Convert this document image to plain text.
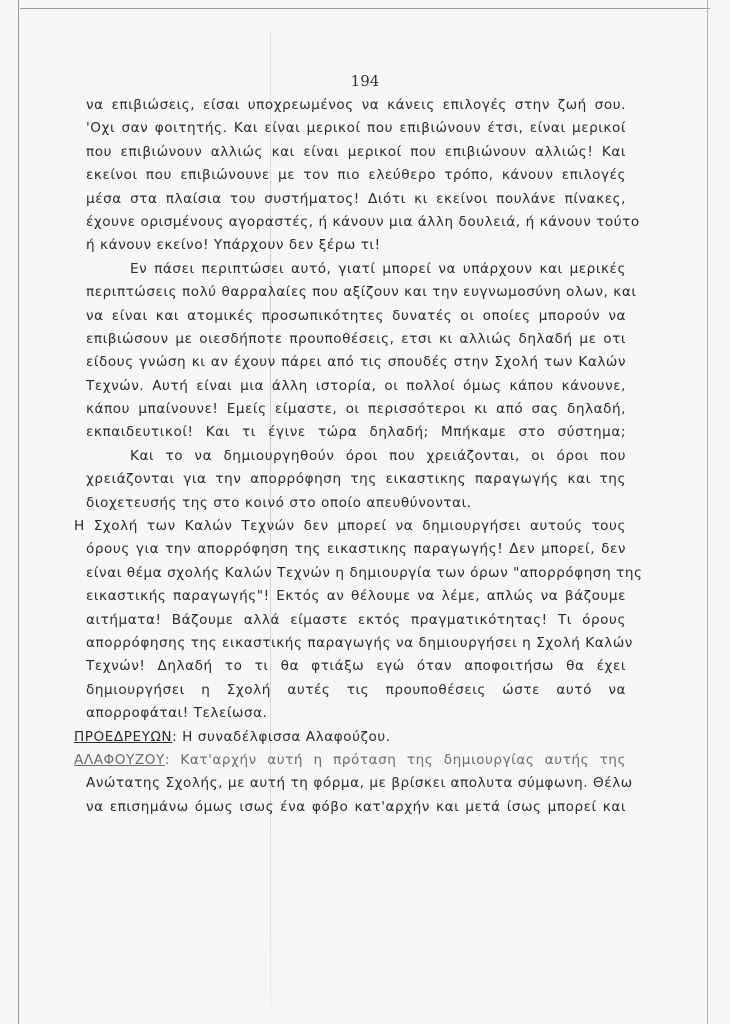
194
να επιβιώσεις, είσαι υποχρεωμένος να κάνεις επιλογές στην ζωή σου.
'Οχι σαν φοιτητής. Και είναι μερικοί που επιβιώνουν έτσι, είναι μερικοί
που επιβιώνουν αλλιώς και είναι μερικοί που επιβιώνουν αλλιώς! Και
εκείνοι που επιβιώνουνε με τον πιο ελεύθερο τρόπο, κάνουν επιλογές
μέσα στα πλαίσια του συστήματος! Διότι κι εκείνοι πουλάνε πίνακες,
έχουνε ορισμένους αγοραστές, ή κάνουν μια άλλη δουλειά, ή κάνουν τούτο
ή κάνουν εκείνο! Υπάρχουν δεν ξέρω τι!
Εν πάσει περιπτώσει αυτό, γιατί μπορεί να υπάρχουν και μερικές
περιπτώσεις πολύ θαρραλαίες που αξίζουν και την ευγνωμοσύνη ολων, και
να είναι και ατομικές προσωπικότητες δυνατές οι οποίες μπορούν να
επιβιώσουν με οιεσδήποτε προυποθέσεις, ετσι κι αλλιώς δηλαδή με οτι
είδους γνώση κι αν έχουν πάρει από τις σπουδές στην Σχολή των Καλών
Τεχνών. Αυτή είναι μια άλλη ιστορία, οι πολλοί όμως κάπου κάνουνε,
κάπου μπαίνουνε! Εμείς είμαστε, οι περισσότεροι κι από σας δηλαδή,
εκπαιδευτικοί! Και τι έγινε τώρα δηλαδή; Μπήκαμε στο σύστημα;
Και το να δημιουργηθούν όροι που χρειάζονται, οι όροι που
χρειάζονται για την απορρόφηση της εικαστικης παραγωγής και της
διοχετευσής της στο κοινό στο οποίο απευθύνονται.
Η Σχολή των Καλών Τεχνών δεν μπορεί να δημιουργήσει αυτούς τους
όρους για την απορρόφηση της εικαστικης παραγωγής! Δεν μπορεί, δεν
είναι θέμα σχολής Καλών Τεχνών η δημιουργία των όρων "απορρόφηση της
εικαστικής παραγωγής"! Εκτός αν θέλουμε να λέμε, απλώς να βάζουμε
αιτήματα! Βάζουμε αλλά είμαστε εκτός πραγματικότητας! Τι όρους
απορρόφησης της εικαστικής παραγωγής να δημιουργήσει η Σχολή Καλών
Τεχνών! Δηλαδή το τι θα φτιάξω εγώ όταν αποφοιτήσω θα έχει
δημιουργήσει η Σχολή αυτές τις προυποθέσεις ώστε αυτό να
απορροφάται! Τελείωσα.
ΠΡΟΕΔΡΕΥΩΝ: Η συναδέλφισσα Αλαφούζου.
ΑΛΑΦΟΥΖΟΥ: Κατ'αρχήν αυτή η πρόταση της δημιουργίας αυτής της
Ανώτατης Σχολής, με αυτή τη φόρμα, με βρίσκει απολυτα σύμφωνη. Θέλω
να επισημάνω όμως ισως ένα φόβο κατ'αρχήν και μετά ίσως μπορεί και
